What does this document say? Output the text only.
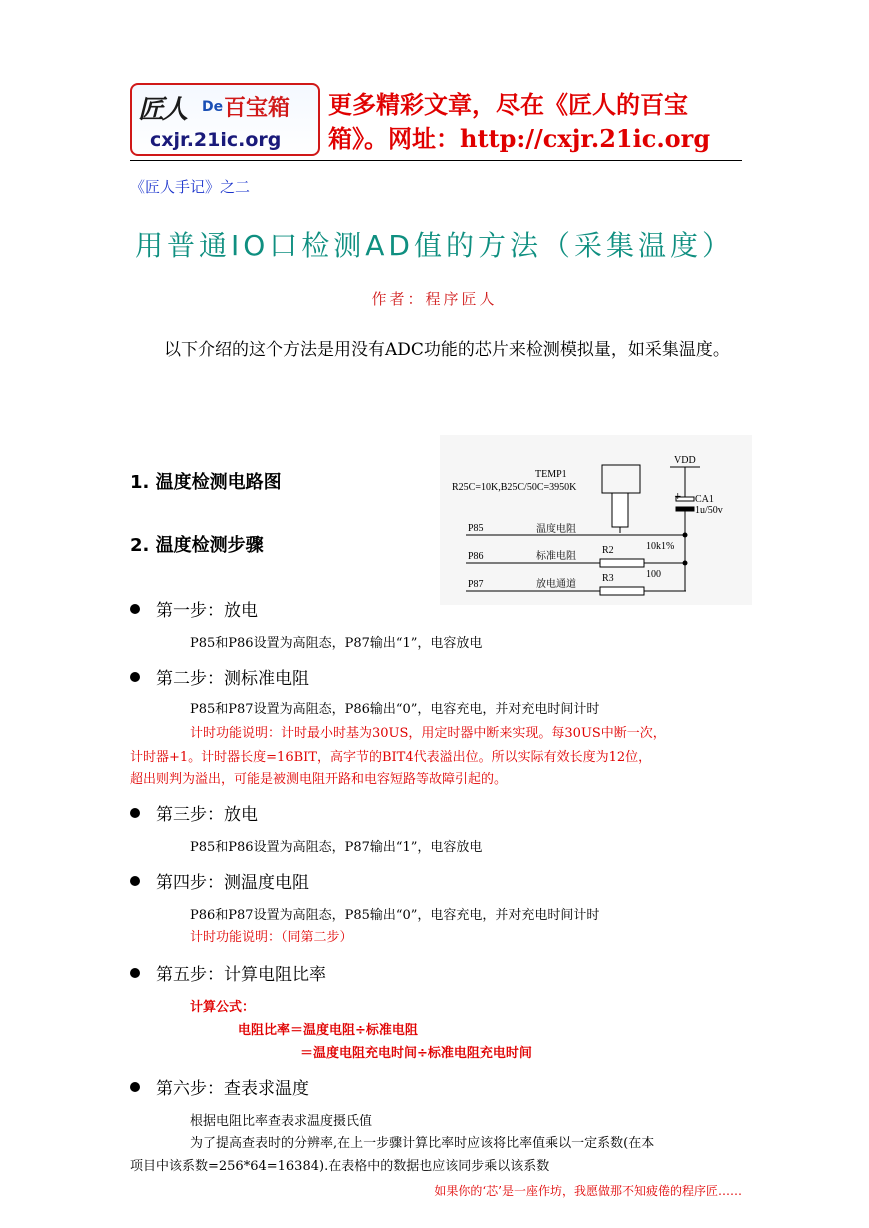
匠人 De 百宝箱
cxjr.21ic.org
更多精彩文章，尽在《匠人的百宝箱》。网址：http://cxjr.21ic.org
《匠人手记》之二
用普通IO口检测AD值的方法（采集温度）
作者：程序匠人
以下介绍的这个方法是用没有ADC功能的芯片来检测模拟量，如采集温度。
1. 温度检测电路图
2. 温度检测步骤
VDD
TEMP1
R25C=10K,B25C/50C=3950K
CA1
1u/50v
P85
P86
P87
温度电阻
标准电阻
放电通道
R2	10k1%
R3	100
+
第一步：放电
P85和P86设置为高阻态，P87输出“1”，电容放电
第二步：测标准电阻
P85和P87设置为高阻态，P86输出“0”，电容充电，并对充电时间计时
计时功能说明：计时最小时基为30US，用定时器中断来实现。每30US中断一次，
计时器+1。计时器长度=16BIT，高字节的BIT4代表溢出位。所以实际有效长度为12位，
超出则判为溢出，可能是被测电阻开路和电容短路等故障引起的。
第三步：放电
P85和P86设置为高阻态，P87输出“1”，电容放电
第四步：测温度电阻
P86和P87设置为高阻态，P85输出“0”，电容充电，并对充电时间计时
计时功能说明：（同第二步）
第五步：计算电阻比率
计算公式：
电阻比率＝温度电阻÷标准电阻
＝温度电阻充电时间÷标准电阻充电时间
第六步：查表求温度
根据电阻比率查表求温度摄氏值
为了提高查表时的分辨率,在上一步骤计算比率时应该将比率值乘以一定系数(在本
项目中该系数=256*64=16384).在表格中的数据也应该同步乘以该系数
如果你的‘芯’是一座作坊，我愿做那不知疲倦的程序匠……
